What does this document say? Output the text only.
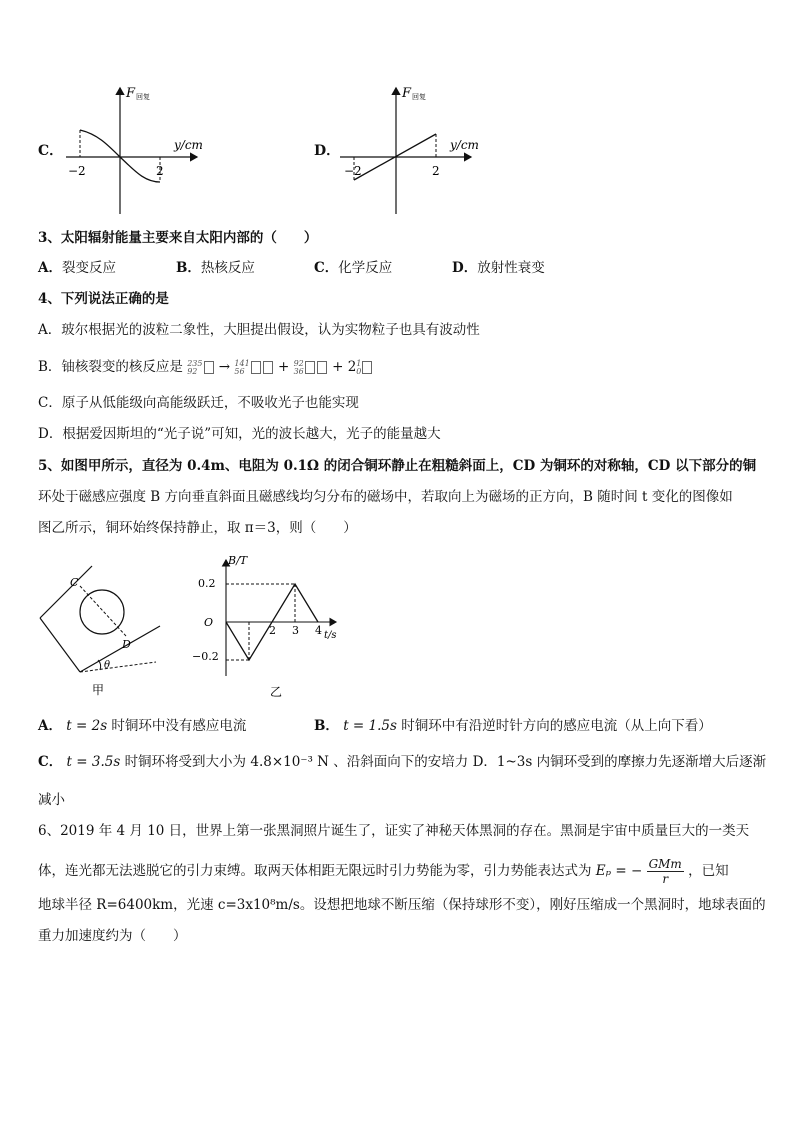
C．
F 回复
y/cm
−2	2
D．
F 回复
y/cm
−2	2
3、太阳辐射能量主要来自太阳内部的（　　）
A．裂变反应	B．热核反应	C．化学反应	D．放射性衰变
4、下列说法正确的是
A．玻尔根据光的波粒二象性，大胆提出假设，认为实物粒子也具有波动性
B．铀核裂变的核反应是 235
92 → 141
56 + 92
36 + 21
0
C．原子从低能级向高能级跃迁，不吸收光子也能实现
D．根据爱因斯坦的“光子说”可知，光的波长越大，光子的能量越大
5、如图甲所示，直径为 0.4m、电阻为 0.1Ω 的闭合铜环静止在粗糙斜面上，CD 为铜环的对称轴，CD 以下部分的铜
环处于磁感应强度 B 方向垂直斜面且磁感线均匀分布的磁场中，若取向上为磁场的正方向，B 随时间 t 变化的图像如
图乙所示，铜环始终保持静止，取 π＝3，则（　　）
C
D
θ
甲
2 3 4
B/T
t/s
O
0.2
−0.2
乙
A． t = 2s 时铜环中没有感应电流	B． t = 1.5s 时铜环中有沿逆时针方向的感应电流（从上向下看）
C． t = 3.5s 时铜环将受到大小为 4.8×10⁻³ N 、沿斜面向下的安培力 D．1~3s 内铜环受到的摩擦力先逐渐增大后逐渐
减小
6、2019 年 4 月 10 日，世界上第一张黑洞照片诞生了，证实了神秘天体黑洞的存在。黑洞是宇宙中质量巨大的一类天
体，连光都无法逃脱它的引力束缚。取两天体相距无限远时引力势能为零，引力势能表达式为 Eₚ = − $\frac{\text{GMm}}{r}$ ，已知
地球半径 R=6400km，光速 c=3x10⁸m/s。设想把地球不断压缩（保持球形不变），刚好压缩成一个黑洞时，地球表面的
重力加速度约为（　　）
